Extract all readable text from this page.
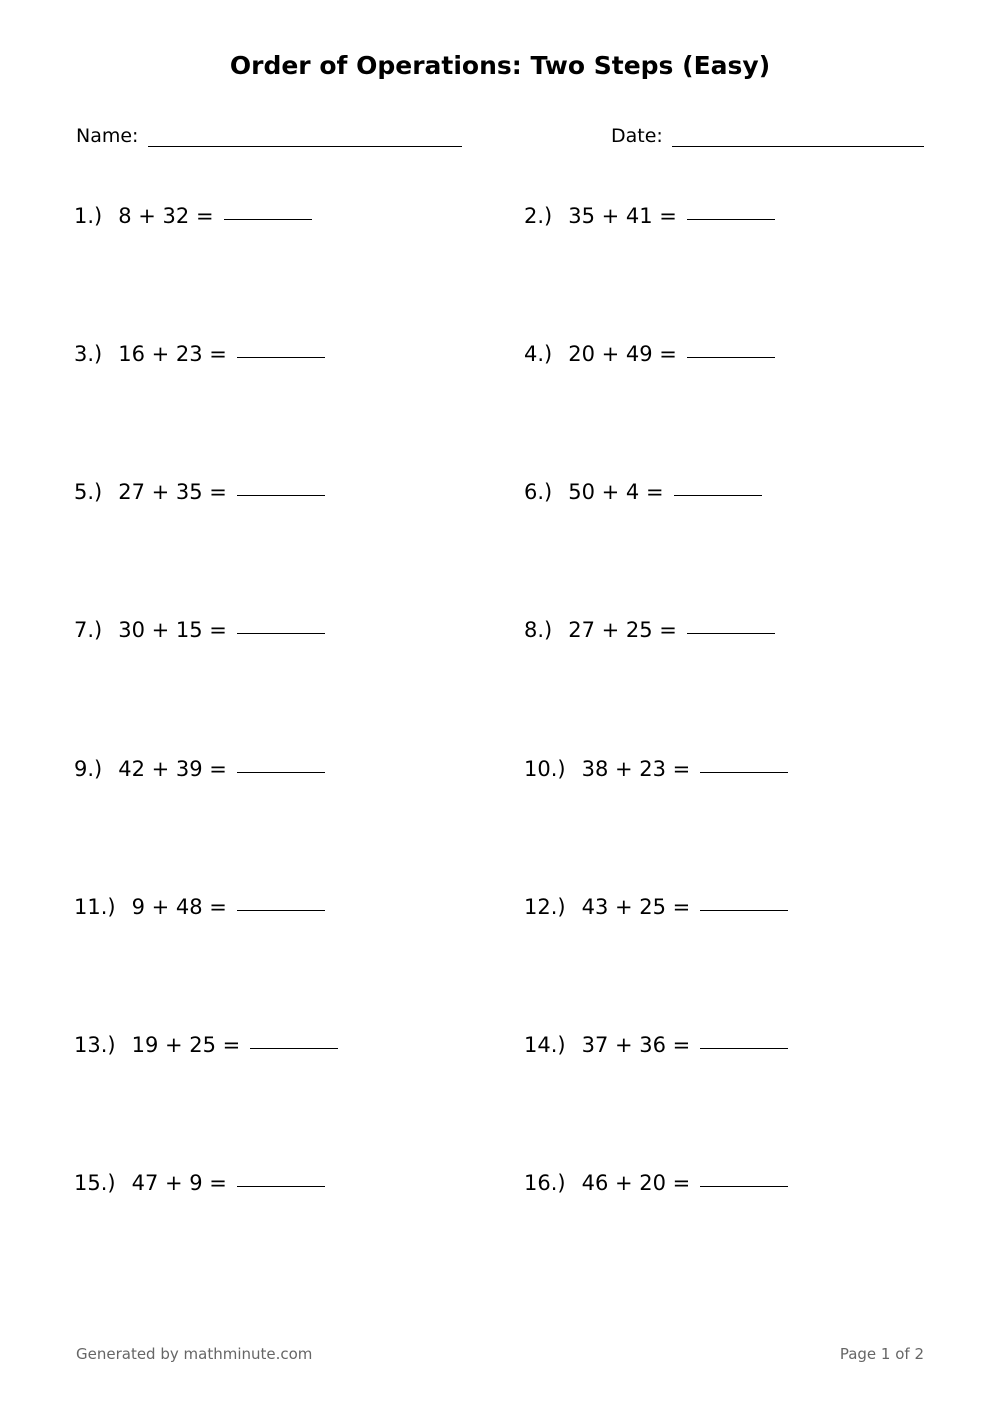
Order of Operations: Two Steps (Easy)
Name:	Date:
1.) 8 + 32 =	2.) 35 + 41 =
3.) 16 + 23 =	4.) 20 + 49 =
5.) 27 + 35 =	6.) 50 + 4 =
7.) 30 + 15 =	8.) 27 + 25 =
9.) 42 + 39 =	10.) 38 + 23 =
11.) 9 + 48 =	12.) 43 + 25 =
13.) 19 + 25 =	14.) 37 + 36 =
15.) 47 + 9 =	16.) 46 + 20 =
Generated by mathminute.com	Page 1 of 2
